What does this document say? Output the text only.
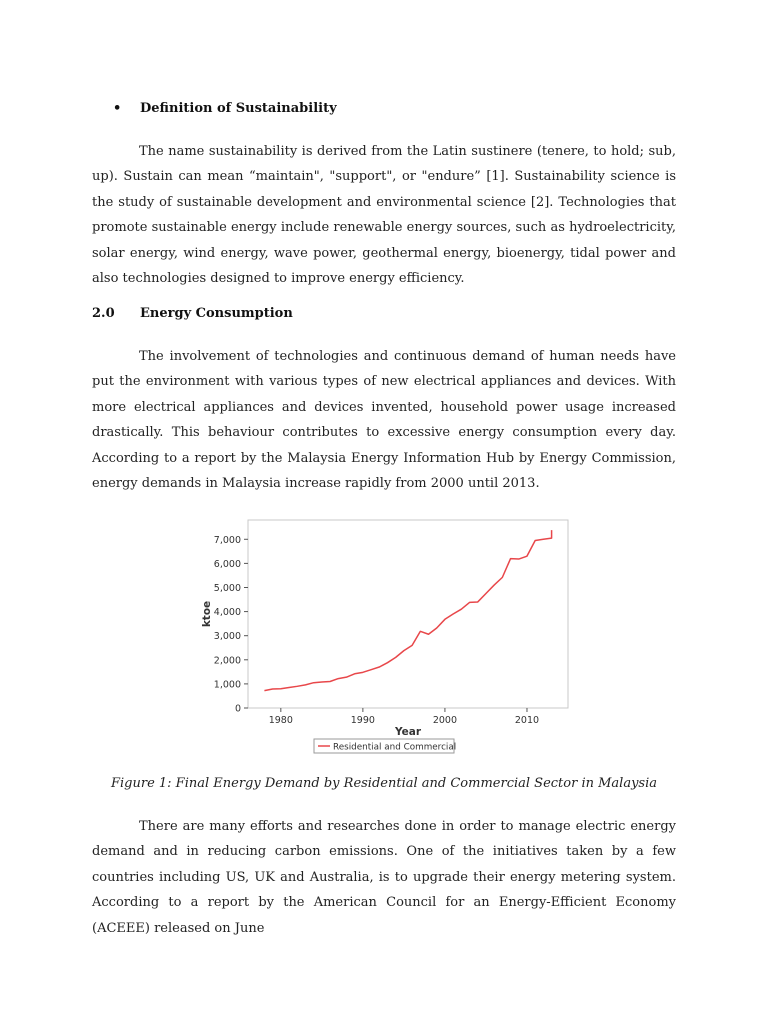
• Definition of Sustainability

The name sustainability is derived from the Latin sustinere (tenere, to hold; sub, up). Sustain can mean “maintain", "support", or "endure” [1]. Sustainability science is the study of sustainable development and environmental science [2]. Technologies that promote sustainable energy include renewable energy sources, such as hydroelectricity, solar energy, wind energy, wave power, geothermal energy, bioenergy, tidal power and also technologies designed to improve energy efficiency.

2.0 Energy Consumption

The involvement of technologies and continuous demand of human needs have put the environment with various types of new electrical appliances and devices. With more electrical appliances and devices invented, household power usage increased drastically. This behaviour contributes to excessive energy consumption every day. According to a report by the Malaysia Energy Information Hub by Energy Commission, energy demands in Malaysia increase rapidly from 2000 until 2013.

0
1,000
2,000
3,000
4,000
5,000
6,000
7,000
1980	1990	2000	2010
Year
ktoe
Residential and Commercial
Figure 1: Final Energy Demand by Residential and Commercial Sector in Malaysia

There are many efforts and researches done in order to manage electric energy demand and in reducing carbon emissions. One of the initiatives taken by a few countries including US, UK and Australia, is to upgrade their energy metering system. According to a report by the American Council for an Energy-Efficient Economy (ACEEE) released on June
